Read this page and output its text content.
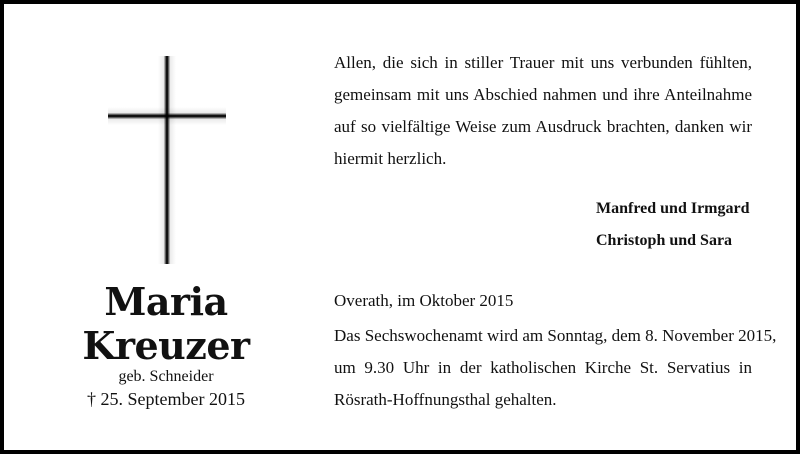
Maria
Kreuzer
geb. Schneider
† 25. September 2015
Allen, die sich in stiller Trauer mit uns verbunden fühlten,
gemeinsam mit uns Abschied nahmen und ihre Anteilnahme
auf so vielfältige Weise zum Ausdruck brachten, danken wir
hiermit herzlich.
Manfred und Irmgard
Christoph und Sara
Overath, im Oktober 2015
Das Sechswochenamt wird am Sonntag, dem 8. November 2015,
um 9.30 Uhr in der katholischen Kirche St. Servatius in
Rösrath-Hoffnungsthal gehalten.
